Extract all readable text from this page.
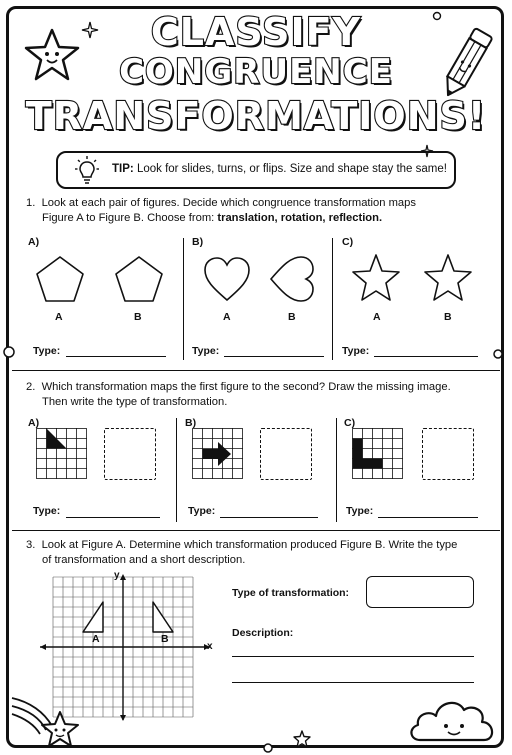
CLASSIFY
CONGRUENCE
TRANSFORMATIONS!
TIP: Look for slides, turns, or flips. Size and shape stay the same!
1. Look at each pair of figures. Decide which congruence transformation maps
Figure A to Figure B. Choose from: translation, rotation, reflection.
A)	B)	C)
A	B	A	B	A	B
Type:	Type:	Type:
2. Which transformation maps the first figure to the second? Draw the missing image.
Then write the type of transformation.
A)	B)	C)
Type:	Type:	Type:
3. Look at Figure A. Determine which transformation produced Figure B. Write the type
of transformation and a short description.
y
x
A	B
Type of transformation:
Description:
